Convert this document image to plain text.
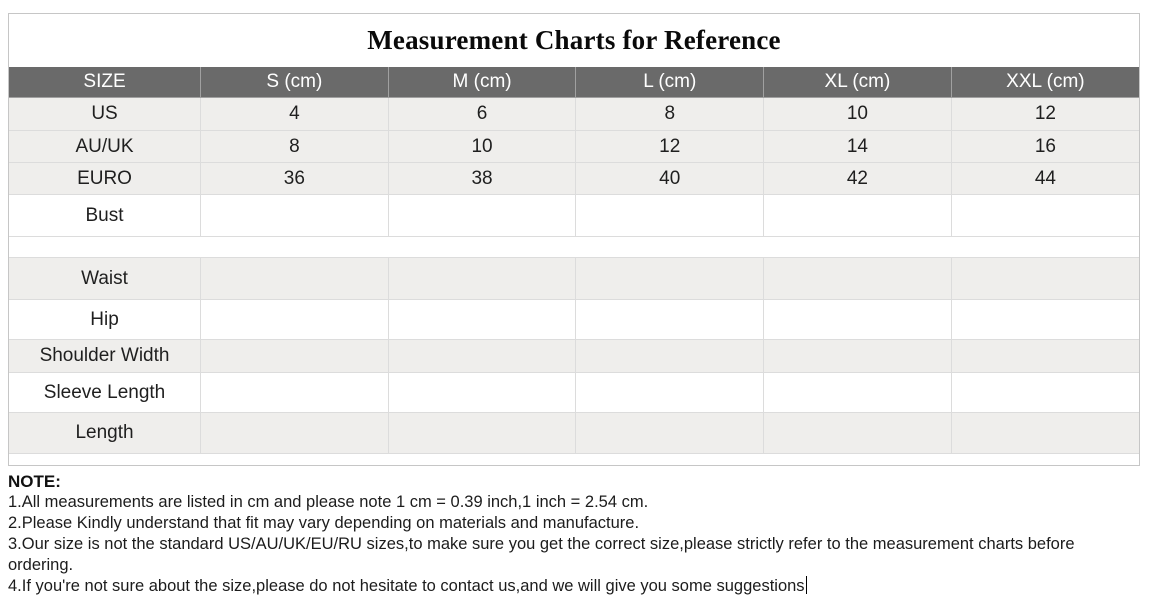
Measurement Charts for Reference
SIZE	S (cm)	M (cm)	L (cm)	XL (cm)	XXL (cm)
US	4	6	8	10	12
AU/UK	8	10	12	14	16
EURO	36	38	40	42	44
Bust					

Waist					
Hip					
Shoulder Width					
Sleeve Length					
Length					
NOTE:
1.All measurements are listed in cm and please note 1 cm = 0.39 inch,1 inch = 2.54 cm.
2.Please Kindly understand that fit may vary depending on materials and manufacture.
3.Our size is not the standard US/AU/UK/EU/RU sizes,to make sure you get the correct size,please strictly refer to the measurement charts before ordering.
4.If you're not sure about the size,please do not hesitate to contact us,and we will give you some suggestions
